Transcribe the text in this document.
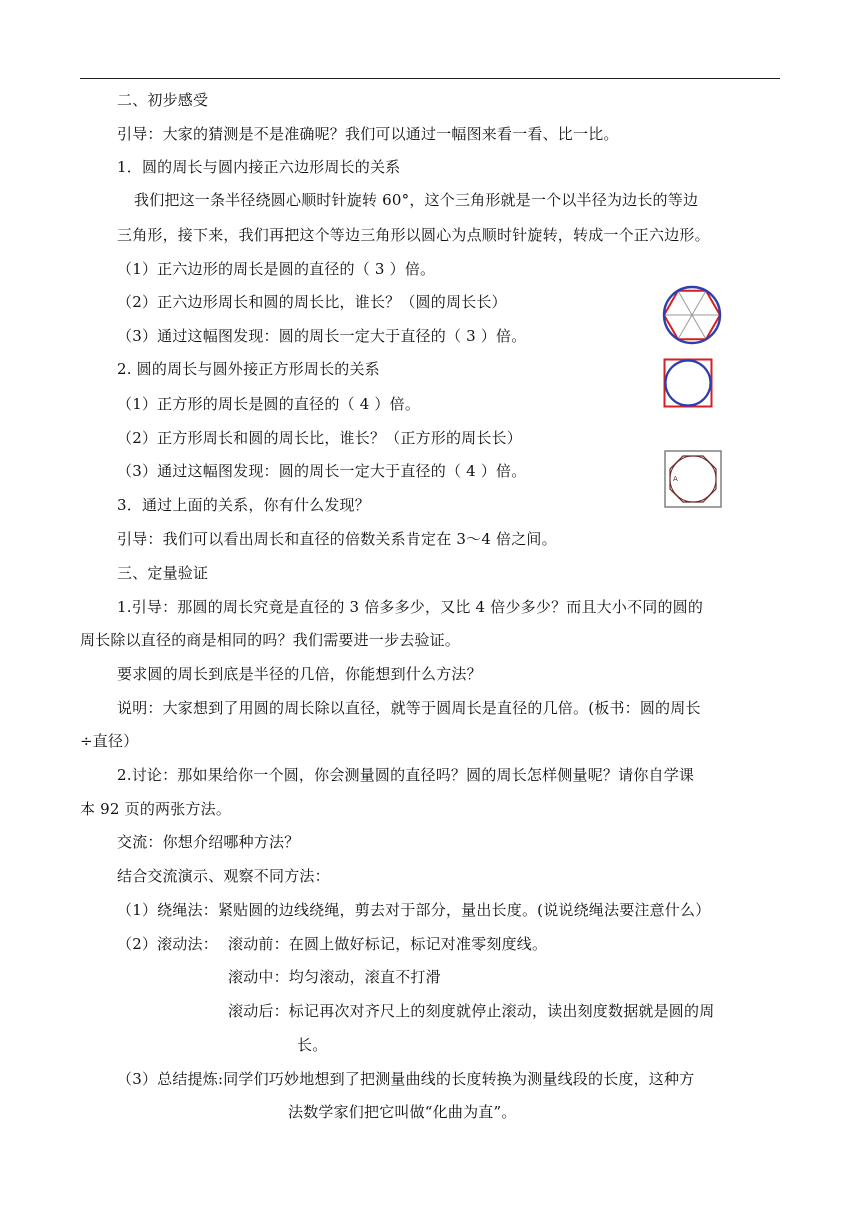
二、初步感受
引导：大家的猜测是不是准确呢？我们可以通过一幅图来看一看、比一比。
1．圆的周长与圆内接正六边形周长的关系
我们把这一条半径绕圆心顺时针旋转 60°，这个三角形就是一个以半径为边长的等边
三角形，接下来，我们再把这个等边三角形以圆心为点顺时针旋转，转成一个正六边形。
（1）正六边形的周长是圆的直径的（ 3 ）倍。
（2）正六边形周长和圆的周长比，谁长？（圆的周长长）
（3）通过这幅图发现：圆的周长一定大于直径的（ 3 ）倍。
2. 圆的周长与圆外接正方形周长的关系
（1）正方形的周长是圆的直径的（ 4 ）倍。
（2）正方形周长和圆的周长比，谁长？（正方形的周长长）
（3）通过这幅图发现：圆的周长一定大于直径的（ 4 ）倍。
3．通过上面的关系，你有什么发现？
引导：我们可以看出周长和直径的倍数关系肯定在 3～4 倍之间。
三、定量验证
1.引导：那圆的周长究竟是直径的 3 倍多多少，又比 4 倍少多少？而且大小不同的圆的
周长除以直径的商是相同的吗？我们需要进一步去验证。
要求圆的周长到底是半径的几倍，你能想到什么方法？
说明：大家想到了用圆的周长除以直径，就等于圆周长是直径的几倍。(板书：圆的周长
÷直径）
2.讨论：那如果给你一个圆，你会测量圆的直径吗？圆的周长怎样侧量呢？请你自学课
本 92 页的两张方法。
交流：你想介绍哪种方法？
结合交流演示、观察不同方法：
（1）绕绳法：紧贴圆的边线绕绳，剪去对于部分，量出长度。(说说绕绳法要注意什么）
（2）滚动法： 滚动前：在圆上做好标记，标记对准零刻度线。
滚动中：均匀滚动，滚直不打滑
滚动后：标记再次对齐尺上的刻度就停止滚动，读出刻度数据就是圆的周
长。
（3）总结提炼:同学们巧妙地想到了把测量曲线的长度转换为测量线段的长度，这种方
法数学家们把它叫做“化曲为直”。
A
